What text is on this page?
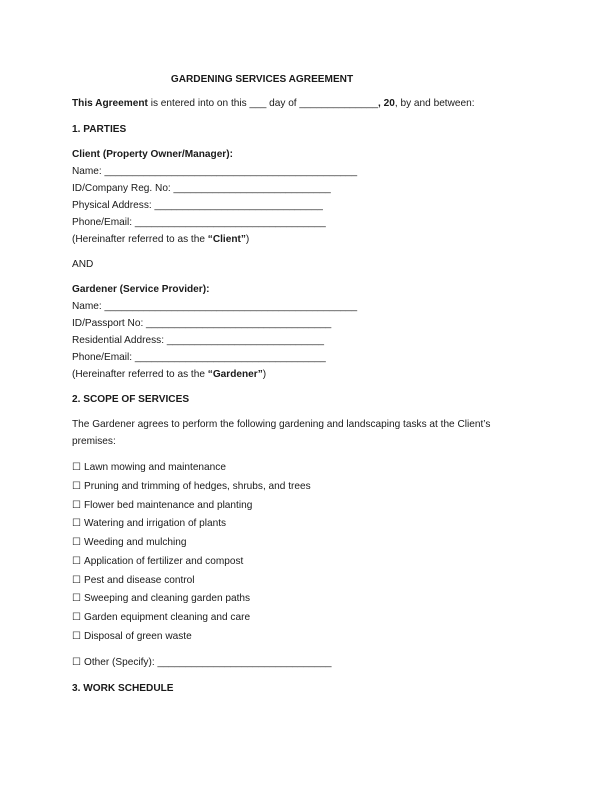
GARDENING SERVICES AGREEMENT
This Agreement is entered into on this ___ day of ______________, 20, by and between:
1. PARTIES
Client (Property Owner/Manager):
Name: _____________________________________________
ID/Company Reg. No: ____________________________
Physical Address: ______________________________
Phone/Email: __________________________________
(Hereinafter referred to as the “Client”)
AND
Gardener (Service Provider):
Name: _____________________________________________
ID/Passport No: _________________________________
Residential Address: ____________________________
Phone/Email: __________________________________
(Hereinafter referred to as the “Gardener”)
2. SCOPE OF SERVICES
The Gardener agrees to perform the following gardening and landscaping tasks at the Client’s
premises:
☐ Lawn mowing and maintenance
☐ Pruning and trimming of hedges, shrubs, and trees
☐ Flower bed maintenance and planting
☐ Watering and irrigation of plants
☐ Weeding and mulching
☐ Application of fertilizer and compost
☐ Pest and disease control
☐ Sweeping and cleaning garden paths
☐ Garden equipment cleaning and care
☐ Disposal of green waste
☐ Other (Specify): _______________________________
3. WORK SCHEDULE
